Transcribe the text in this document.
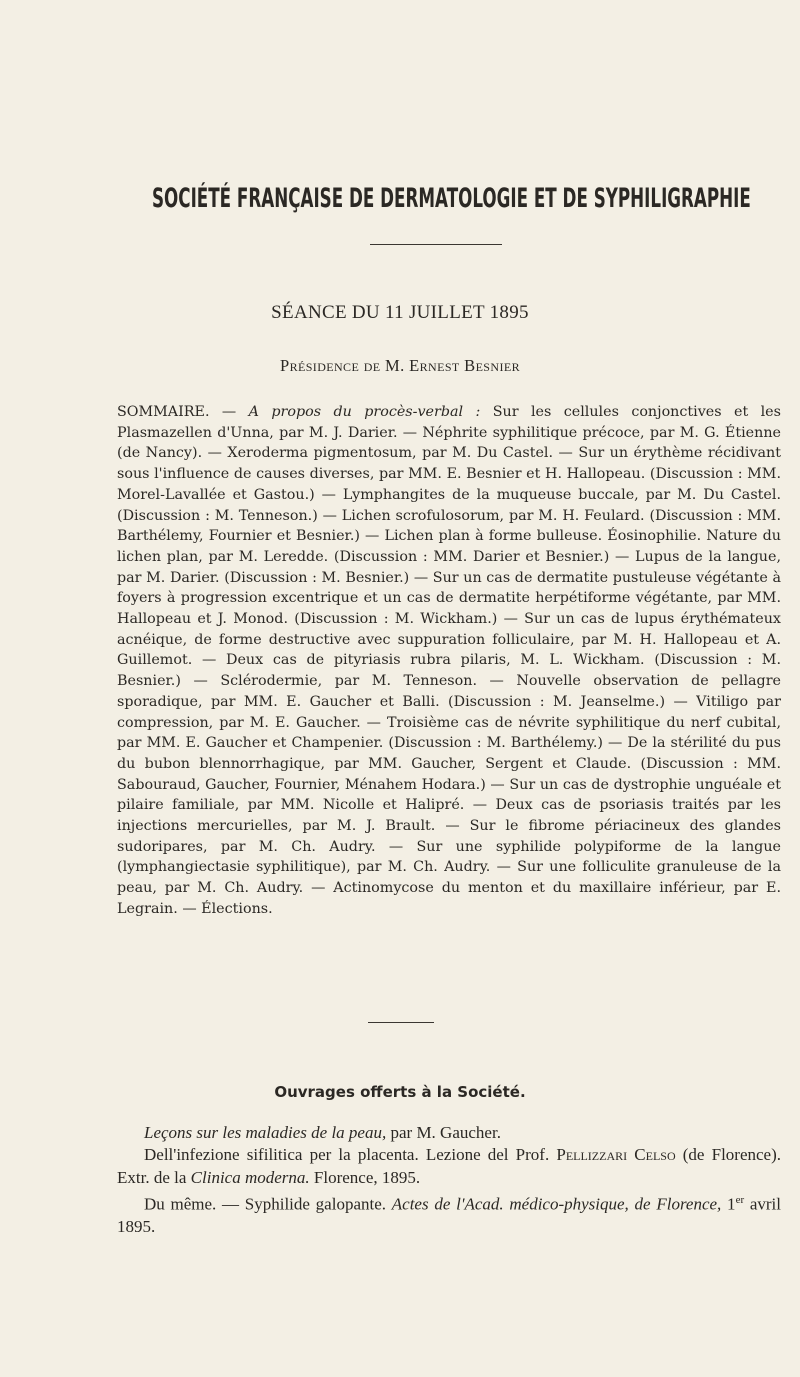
SOCIÉTÉ FRANÇAISE DE DERMATOLOGIE ET DE SYPHILIGRAPHIE
SÉANCE DU 11 JUILLET 1895
Présidence de M. Ernest Besnier
SOMMAIRE. — A propos du procès-verbal : Sur les cellules conjonctives et les Plasmazellen d'Unna, par M. J. Darier. — Néphrite syphilitique précoce, par M. G. Étienne (de Nancy). — Xeroderma pigmentosum, par M. Du Castel. — Sur un érythème récidivant sous l'influence de causes diverses, par MM. E. Besnier et H. Hallopeau. (Discussion : MM. Morel-Lavallée et Gastou.) — Lymphangites de la muqueuse buccale, par M. Du Castel. (Discussion : M. Tenneson.) — Lichen scrofulosorum, par M. H. Feulard. (Discussion : MM. Barthélemy, Fournier et Besnier.) — Lichen plan à forme bulleuse. Éosinophilie. Nature du lichen plan, par M. Leredde. (Discussion : MM. Darier et Besnier.) — Lupus de la langue, par M. Darier. (Discussion : M. Besnier.) — Sur un cas de dermatite pustuleuse végétante à foyers à progression excentrique et un cas de dermatite herpétiforme végétante, par MM. Hallopeau et J. Monod. (Discussion : M. Wickham.) — Sur un cas de lupus érythémateux acnéique, de forme destructive avec suppuration folliculaire, par M. H. Hallopeau et A. Guillemot. — Deux cas de pityriasis rubra pilaris, M. L. Wickham. (Discussion : M. Besnier.) — Sclérodermie, par M. Tenneson. — Nouvelle observation de pellagre sporadique, par MM. E. Gaucher et Balli. (Discussion : M. Jeanselme.) — Vitiligo par compression, par M. E. Gaucher. — Troisième cas de névrite syphilitique du nerf cubital, par MM. E. Gaucher et Champenier. (Discussion : M. Barthélemy.) — De la stérilité du pus du bubon blennorrhagique, par MM. Gaucher, Sergent et Claude. (Discussion : MM. Sabouraud, Gaucher, Fournier, Ménahem Hodara.) — Sur un cas de dystrophie unguéale et pilaire familiale, par MM. Nicolle et Halipré. — Deux cas de psoriasis traités par les injections mercurielles, par M. J. Brault. — Sur le fibrome périacineux des glandes sudoripares, par M. Ch. Audry. — Sur une syphilide polypiforme de la langue (lymphangiectasie syphilitique), par M. Ch. Audry. — Sur une folliculite granuleuse de la peau, par M. Ch. Audry. — Actinomycose du menton et du maxillaire inférieur, par E. Legrain. — Élections.
Ouvrages offerts à la Société.

Leçons sur les maladies de la peau, par M. Gaucher.

Dell'infezione sifilitica per la placenta. Lezione del Prof. Pellizzari Celso (de Florence). Extr. de la Clinica moderna. Florence, 1895.

Du même. — Syphilide galopante. Actes de l'Acad. médico-physique, de Florence, 1er avril 1895.
